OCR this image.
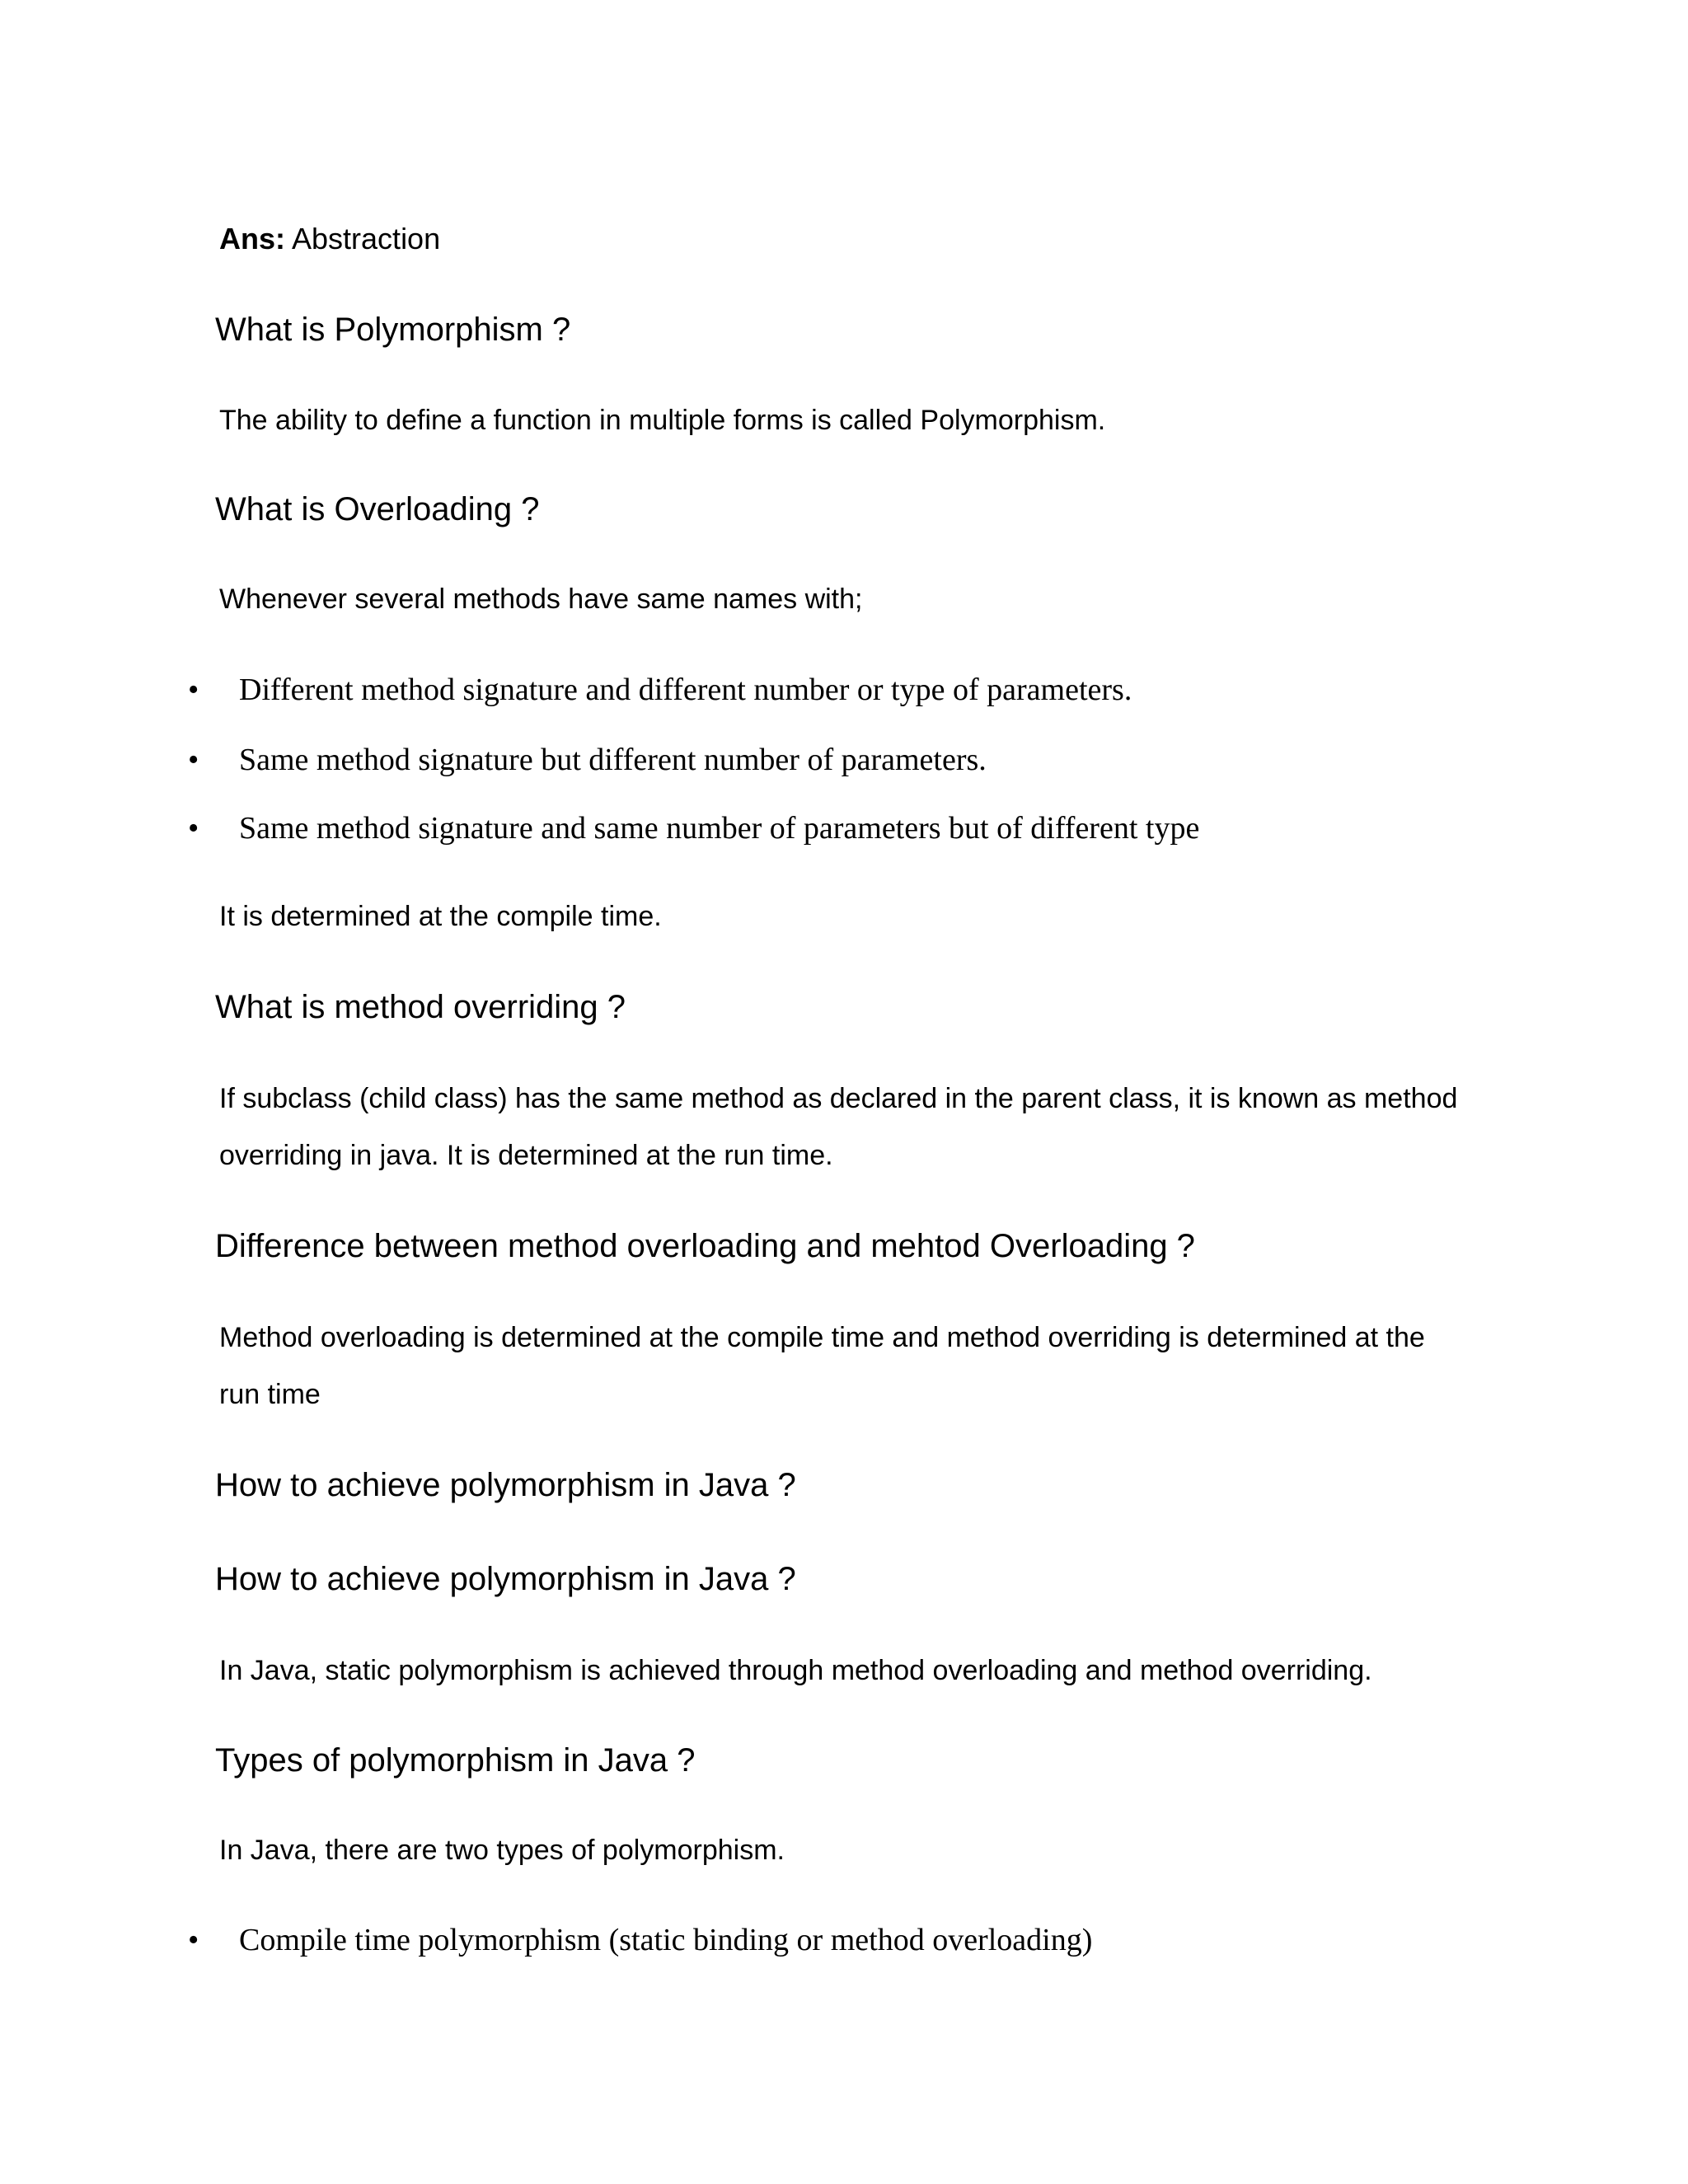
Ans: Abstraction

What is Polymorphism ?

The ability to define a function in multiple forms is called Polymorphism.

What is Overloading ?

Whenever several methods have same names with;

•	Different method signature and different number or type of parameters.
•	Same method signature but different number of parameters.
•	Same method signature and same number of parameters but of different type

It is determined at the compile time.

What is method overriding ?

If subclass (child class) has the same method as declared in the parent class, it is known as method

overriding in java. It is determined at the run time.

Difference between method overloading and mehtod Overloading ?

Method overloading is determined at the compile time and method overriding is determined at the

run time

How to achieve polymorphism in Java ?

How to achieve polymorphism in Java ?

In Java, static polymorphism is achieved through method overloading and method overriding.

Types of polymorphism in Java ?

In Java, there are two types of polymorphism.

•	Compile time polymorphism (static binding or method overloading)
